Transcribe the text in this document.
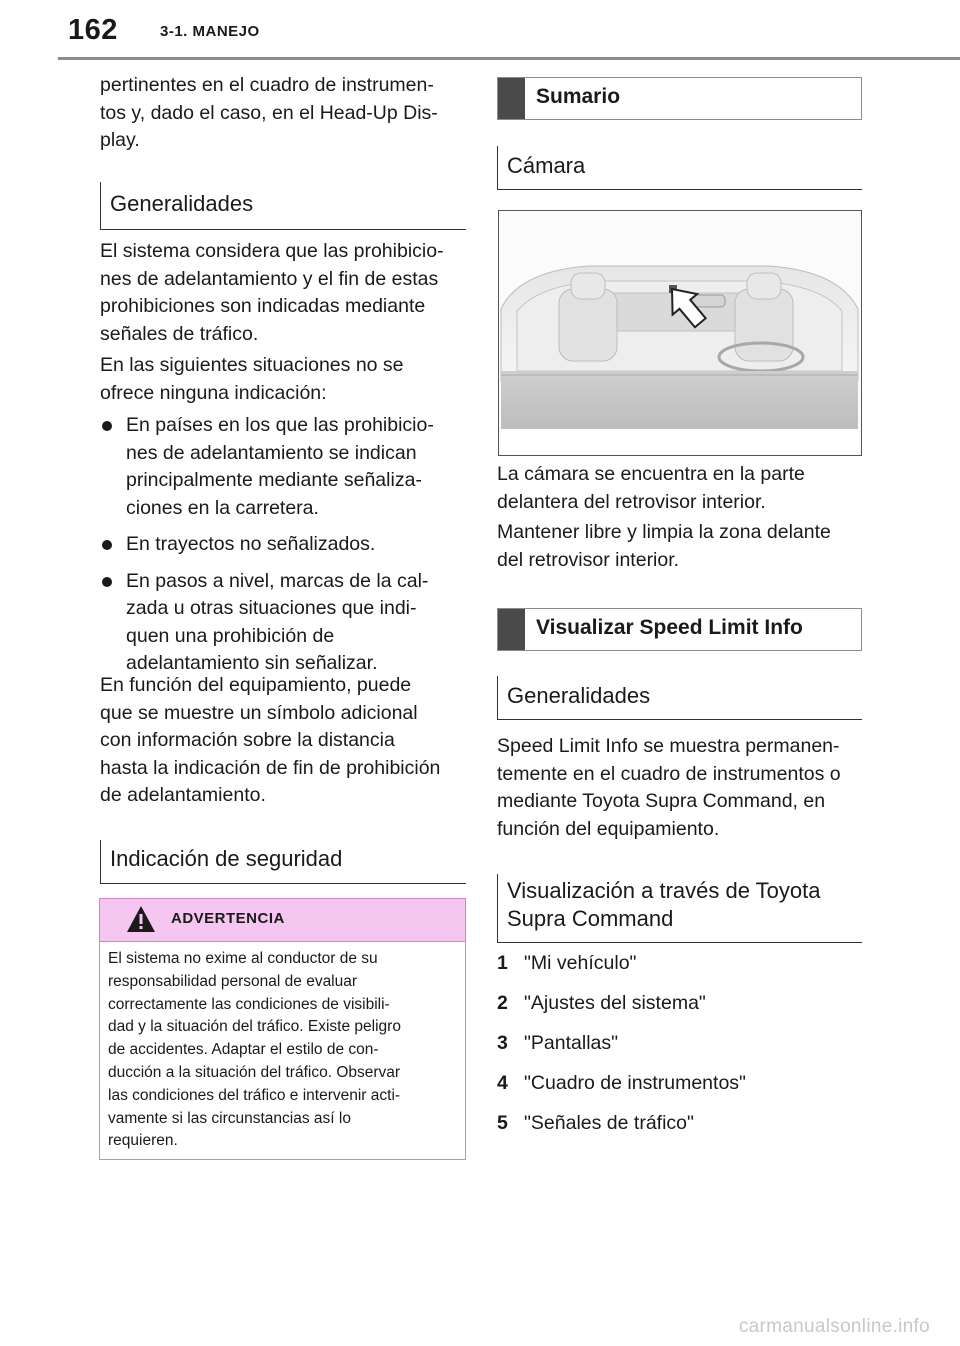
162	3-1. MANEJO

pertinentes en el cuadro de instrumen-
tos y, dado el caso, en el Head-Up Dis-
play.

Generalidades

El sistema considera que las prohibicio-
nes de adelantamiento y el fin de estas
prohibiciones son indicadas mediante
señales de tráfico.

En las siguientes situaciones no se
ofrece ninguna indicación:

En países en los que las prohibicio-
nes de adelantamiento se indican
principalmente mediante señaliza-
ciones en la carretera.
En trayectos no señalizados.
En pasos a nivel, marcas de la cal-
zada u otras situaciones que indi-
quen una prohibición de
adelantamiento sin señalizar.

En función del equipamiento, puede
que se muestre un símbolo adicional
con información sobre la distancia
hasta la indicación de fin de prohibición
de adelantamiento.

Indicación de seguridad
ADVERTENCIA

El sistema no exime al conductor de su
responsabilidad personal de evaluar
correctamente las condiciones de visibili-
dad y la situación del tráfico. Existe peligro
de accidentes. Adaptar el estilo de con-
ducción a la situación del tráfico. Observar
las condiciones del tráfico e intervenir acti-
vamente si las circunstancias así lo
requieren.

Sumario
Cámara

La cámara se encuentra en la parte
delantera del retrovisor interior.

Mantener libre y limpia la zona delante
del retrovisor interior.

Visualizar Speed Limit Info
Generalidades

Speed Limit Info se muestra permanen-
temente en el cuadro de instrumentos o
mediante Toyota Supra Command, en
función del equipamiento.

Visualización a través de Toyota
Supra Command
1 "Mi vehículo"
2 "Ajustes del sistema"
3 "Pantallas"
4 "Cuadro de instrumentos"
5 "Señales de tráfico"
carmanualsonline.info
